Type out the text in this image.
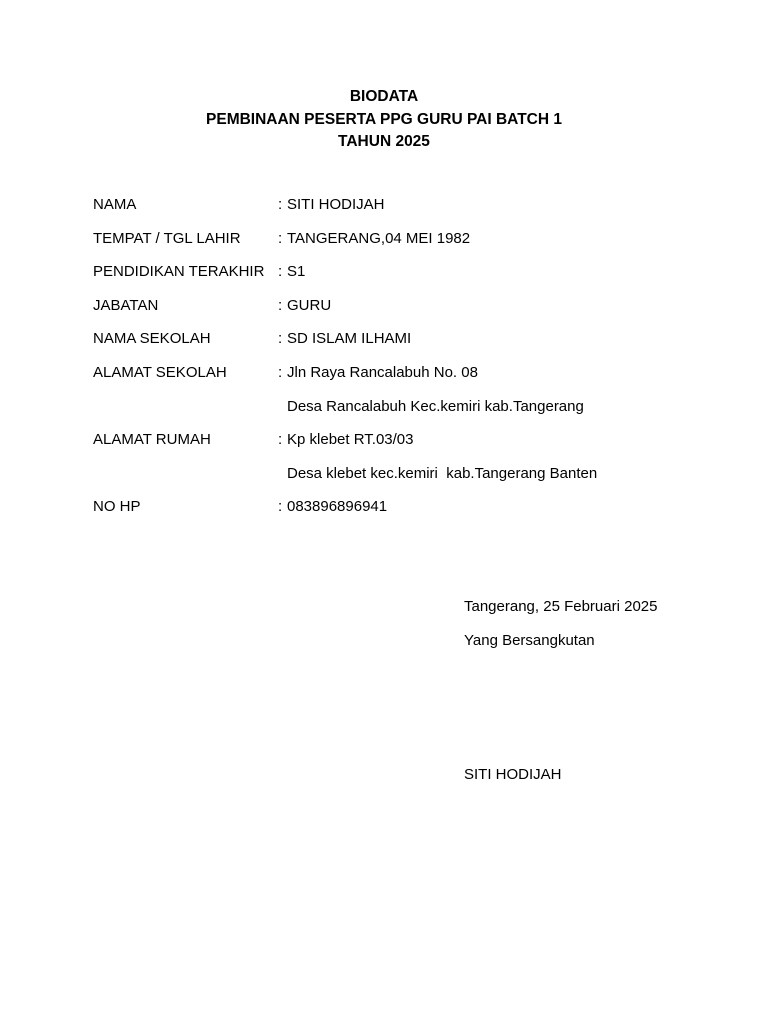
BIODATA
PEMBINAAN PESERTA PPG GURU PAI BATCH 1
TAHUN 2025
NAMA	: SITI HODIJAH
TEMPAT / TGL LAHIR	: TANGERANG,04 MEI 1982
PENDIDIKAN TERAKHIR : S1
JABATAN	: GURU
NAMA SEKOLAH	: SD ISLAM ILHAMI
ALAMAT SEKOLAH	: Jln Raya Rancalabuh No. 08
Desa Rancalabuh Kec.kemiri kab.Tangerang
ALAMAT RUMAH	: Kp klebet RT.03/03
Desa klebet kec.kemiri  kab.Tangerang Banten
NO HP	: 083896896941

Tangerang, 25 Februari 2025

Yang Bersangkutan

SITI HODIJAH
